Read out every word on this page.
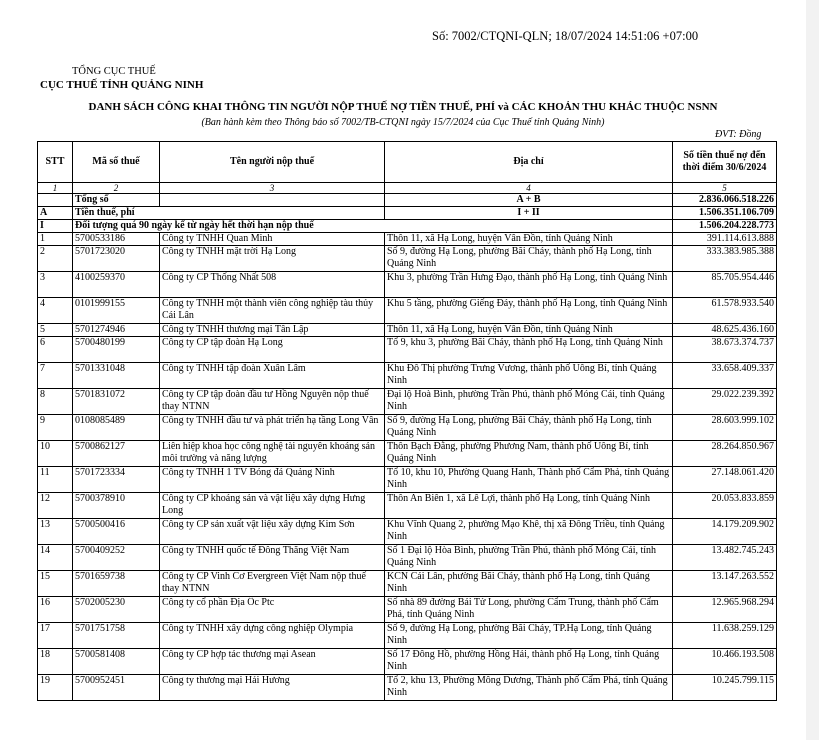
Số: 7002/CTQNI-QLN; 18/07/2024 14:51:06 +07:00
TỔNG CỤC THUẾ
CỤC THUẾ TỈNH QUẢNG NINH
DANH SÁCH CÔNG KHAI THÔNG TIN NGƯỜI NỘP THUẾ NỢ TIỀN THUẾ, PHÍ và CÁC KHOẢN THU KHÁC THUỘC NSNN
(Ban hành kèm theo Thông báo số 7002/TB-CTQNI ngày 15/7/2024 của Cục Thuế tỉnh Quảng Ninh)
ĐVT: Đồng
STT	Mã số thuế	Tên người nộp thuế	Địa chỉ	Số tiền thuế nợ đến thời điểm 30/6/2024
1	2	3	4	5
	Tổng số		A + B	2.836.066.518.226
A	Tiền thuế, phí		I + II	1.506.351.106.709
I	Đối tượng quá 90 ngày kể từ ngày hết thời hạn nộp thuế			1.506.204.228.773
1	5700533186	Công ty TNHH Quan Minh	Thôn 11, xã Hạ Long, huyện Vân Đồn, tỉnh Quảng Ninh	391.114.613.888
2	5701723020	Công ty TNHH mặt trời Hạ Long	Số 9, đường Hạ Long, phường Bãi Cháy, thành phố Hạ Long, tỉnh Quảng Ninh	333.383.985.388
3	4100259370	Công ty CP Thống Nhất 508	Khu 3, phường Trần Hưng Đạo, thành phố Hạ Long, tỉnh Quảng Ninh	85.705.954.446
4	0101999155	Công ty TNHH một thành viên công nghiệp tàu thủy Cái Lân	Khu 5 tầng, phường Giếng Đáy, thành phố Hạ Long, tỉnh Quảng Ninh	61.578.933.540
5	5701274946	Công ty TNHH thương mại Tân Lập	Thôn 11, xã Hạ Long, huyện Vân Đồn, tỉnh Quảng Ninh	48.625.436.160
6	5700480199	Công ty CP tập đoàn Hạ Long	Tổ 9, khu 3, phường Bãi Cháy, thành phố Hạ Long, tỉnh Quảng Ninh	38.673.374.737
7	5701331048	Công ty TNHH tập đoàn Xuân Lâm	Khu Đô Thị phường Trưng Vương, thành phố Uông Bí, tỉnh Quảng Ninh	33.658.409.337
8	5701831072	Công ty CP tập đoàn đầu tư Hồng Nguyên nộp thuế thay NTNN	Đại lộ Hoà Bình, phường Trần Phú, thành phố Móng Cái, tỉnh Quảng Ninh	29.022.239.392
9	0108085489	Công ty TNHH đầu tư và phát triển hạ tầng Long Vân	Số 9, đường Hạ Long, phường Bãi Cháy, thành phố Hạ Long, tỉnh Quảng Ninh	28.603.999.102
10	5700862127	Liên hiệp khoa học công nghệ tài nguyên khoáng sản môi trường và năng lượng	Thôn Bạch Đằng, phường Phương Nam, thành phố Uông Bí, tỉnh Quảng Ninh	28.264.850.967
11	5701723334	Công ty TNHH 1 TV Bóng đá Quảng Ninh	Tổ 10, khu 10, Phường Quang Hanh, Thành phố Cẩm Phả, tỉnh Quảng Ninh	27.148.061.420
12	5700378910	Công ty CP khoáng sản và vật liệu xây dựng Hưng Long	Thôn An Biên 1, xã Lê Lợi, thành phố Hạ Long, tỉnh Quảng Ninh	20.053.833.859
13	5700500416	Công ty CP sản xuất vật liệu xây dựng Kim Sơn	Khu Vĩnh Quang 2, phường Mạo Khê, thị xã Đông Triều, tỉnh Quảng Ninh	14.179.209.902
14	5700409252	Công ty TNHH quốc tế Đông Thăng Việt Nam	Số 1 Đại lộ Hòa Bình, phường Trần Phú, thành phố Móng Cái, tỉnh Quảng Ninh	13.482.745.243
15	5701659738	Công ty CP Vinh Cơ Evergreen Việt Nam nộp thuế thay NTNN	KCN Cái Lân, phường Bãi Cháy, thành phố Hạ Long, tỉnh Quảng Ninh	13.147.263.552
16	5702005230	Công ty cổ phần Địa Ốc Ptc	Số nhà 89 đường Bái Tử Long, phường Cẩm Trung, thành phố Cẩm Phả, tỉnh Quảng Ninh	12.965.968.294
17	5701751758	Công ty TNHH xây dựng công nghiệp Olympia	Số 9, đường Hạ Long, phường Bãi Cháy, TP.Hạ Long, tỉnh Quảng Ninh	11.638.259.129
18	5700581408	Công ty CP hợp tác thương mại Asean	Số 17 Đông Hồ, phường Hồng Hải, thành phố Hạ Long, tỉnh Quảng Ninh	10.466.193.508
19	5700952451	Công ty thương mại Hải Hương	Tổ 2, khu 13, Phường Mông Dương, Thành phố Cẩm Phả, tỉnh Quảng Ninh	10.245.799.115
